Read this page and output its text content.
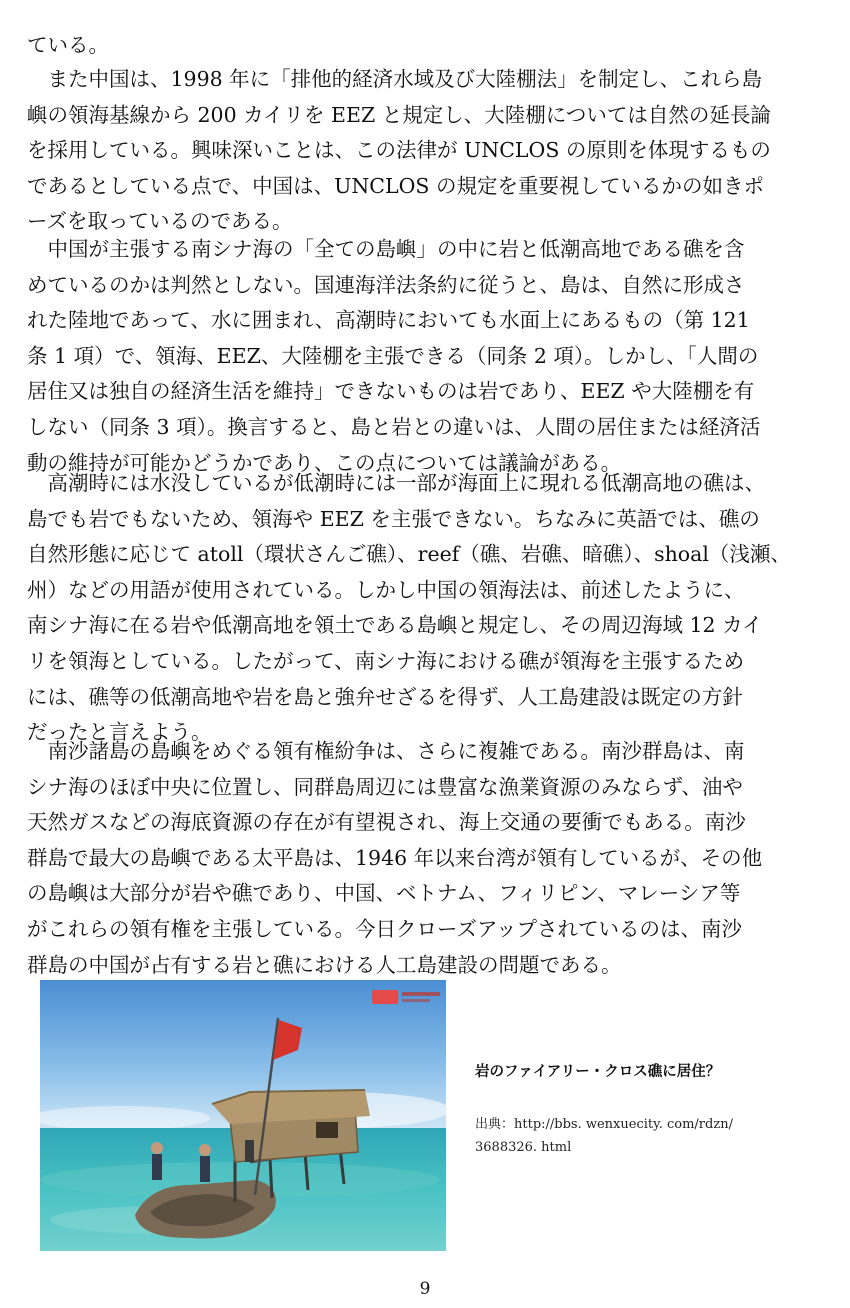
ている。
　また中国は、1998 年に「排他的経済水域及び大陸棚法」を制定し、これら島
嶼の領海基線から 200 カイリを EEZ と規定し、大陸棚については自然の延長論
を採用している。興味深いことは、この法律が UNCLOS の原則を体現するもの
であるとしている点で、中国は、UNCLOS の規定を重要視しているかの如きポ
ーズを取っているのである。
　中国が主張する南シナ海の「全ての島嶼」の中に岩と低潮高地である礁を含
めているのかは判然としない。国連海洋法条約に従うと、島は、自然に形成さ
れた陸地であって、水に囲まれ、高潮時においても水面上にあるもの（第 121
条 1 項）で、領海、EEZ、大陸棚を主張できる（同条 2 項）。しかし、「人間の
居住又は独自の経済生活を維持」できないものは岩であり、EEZ や大陸棚を有
しない（同条 3 項）。換言すると、島と岩との違いは、人間の居住または経済活
動の維持が可能かどうかであり、この点については議論がある。
　高潮時には水没しているが低潮時には一部が海面上に現れる低潮高地の礁は、
島でも岩でもないため、領海や EEZ を主張できない。ちなみに英語では、礁の
自然形態に応じて atoll（環状さんご礁）、reef（礁、岩礁、暗礁）、shoal（浅瀬、
州）などの用語が使用されている。しかし中国の領海法は、前述したように、
南シナ海に在る岩や低潮高地を領土である島嶼と規定し、その周辺海域 12 カイ
リを領海としている。したがって、南シナ海における礁が領海を主張するため
には、礁等の低潮高地や岩を島と強弁せざるを得ず、人工島建設は既定の方針
だったと言えよう。
　南沙諸島の島嶼をめぐる領有権紛争は、さらに複雑である。南沙群島は、南
シナ海のほぼ中央に位置し、同群島周辺には豊富な漁業資源のみならず、油や
天然ガスなどの海底資源の存在が有望視され、海上交通の要衝でもある。南沙
群島で最大の島嶼である太平島は、1946 年以来台湾が領有しているが、その他
の島嶼は大部分が岩や礁であり、中国、ベトナム、フィリピン、マレーシア等
がこれらの領有権を主張している。今日クローズアップされているのは、南沙
群島の中国が占有する岩と礁における人工島建設の問題である。
岩のファイアリー・クロス礁に居住？
出典：http://bbs. wenxuecity. com/rdzn/
3688326. html
9
